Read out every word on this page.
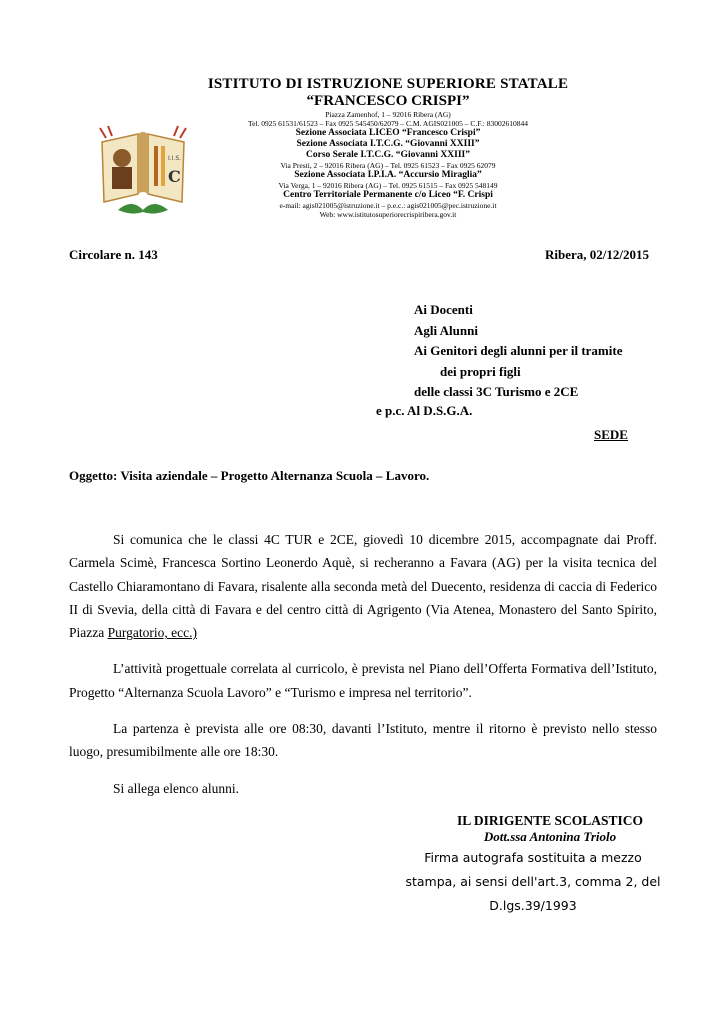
I.I.S.
C
ISTITUTO DI ISTRUZIONE SUPERIORE STATALE
“FRANCESCO CRISPI”
Piazza Zamenhof, 1 – 92016 Ribera (AG)
Tel. 0925 61531/61523 – Fax 0925 545450/62079 – C.M. AGIS021005 – C.F.: 83002610844
Sezione Associata LICEO “Francesco Crispi”
Sezione Associata I.T.C.G. “Giovanni XXIII”
Corso Serale I.T.C.G. “Giovanni XXIII”
Via Presti, 2 – 92016 Ribera (AG) – Tel. 0925 61523 – Fax 0925 62079
Sezione Associata I.P.I.A. “Accursio Miraglia”
Via Verga, 1 – 92016 Ribera (AG) – Tel. 0925 61515 – Fax 0925 548149
Centro Territoriale Permanente c/o Liceo “F. Crispi
e-mail: agis021005@istruzione.it – p.e.c.: agis021005@pec.istruzione.it
Web: www.istitutosuperiorecrispiribera.gov.it
Circolare n. 143	Ribera, 02/12/2015
Ai Docenti
Agli Alunni
Ai Genitori degli alunni per il tramite
dei propri figli
delle classi 3C Turismo e 2CE
e p.c. Al D.S.G.A.
SEDE
Oggetto: Visita aziendale – Progetto Alternanza Scuola – Lavoro.

Si comunica che le classi 4C TUR e 2CE, giovedì 10 dicembre 2015, accompagnate dai Proff. Carmela Scimè, Francesca Sortino Leonerdo Aquè, si recheranno a Favara (AG) per la visita tecnica del Castello Chiaramontano di Favara, risalente alla seconda metà del Duecento, residenza di caccia di Federico II di Svevia, della città di Favara e del centro città di Agrigento (Via Atenea, Monastero del Santo Spirito, Piazza Purgatorio, ecc.)

L’attività progettuale correlata al curricolo, è prevista nel Piano dell’Offerta Formativa dell’Istituto, Progetto “Alternanza Scuola Lavoro” e “Turismo e impresa nel territorio”.

La partenza è prevista alle ore 08:30, davanti l’Istituto, mentre il ritorno è previsto nello stesso luogo, presumibilmente alle ore 18:30.

Si allega elenco alunni.

IL DIRIGENTE SCOLASTICO
Dott.ssa Antonina Triolo
Firma autografa sostituita a mezzo
stampa, ai sensi dell'art.3, comma 2, del
D.lgs.39/1993
